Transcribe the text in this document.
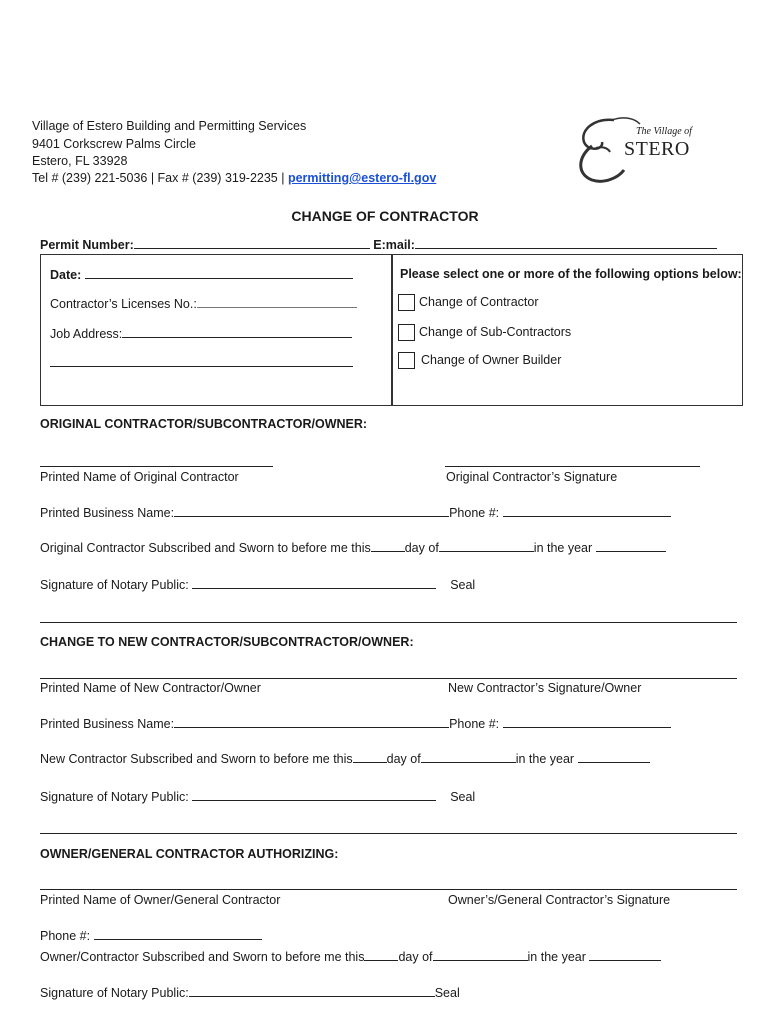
Village of Estero Building and Permitting Services
9401 Corkscrew Palms Circle
Estero, FL 33928
Tel # (239) 221-5036 | Fax # (239) 319-2235 | permitting@estero-fl.gov
The Village of
STERO
CHANGE OF CONTRACTOR
Permit Number:	E:mail:
Date:
Contractor’s Licenses No.:
Job Address:
Please select one or more of the following options below:
Change of Contractor
Change of Sub-Contractors
Change of Owner Builder
ORIGINAL CONTRACTOR/SUBCONTRACTOR/OWNER:
Printed Name of Original Contractor	Original Contractor’s Signature
Printed Business Name:	Phone #:
Original Contractor Subscribed and Sworn to before me this	day of	in the year
Signature of Notary Public:	Seal
CHANGE TO NEW CONTRACTOR/SUBCONTRACTOR/OWNER:
Printed Name of New Contractor/Owner	New Contractor’s Signature/Owner
Printed Business Name:	Phone #:
New Contractor Subscribed and Sworn to before me this	day of	in the year
Signature of Notary Public:	Seal
OWNER/GENERAL CONTRACTOR AUTHORIZING:
Printed Name of Owner/General Contractor	Owner’s/General Contractor’s Signature
Phone #:
Owner/Contractor Subscribed and Sworn to before me this	day of	in the year
Signature of Notary Public:	Seal
